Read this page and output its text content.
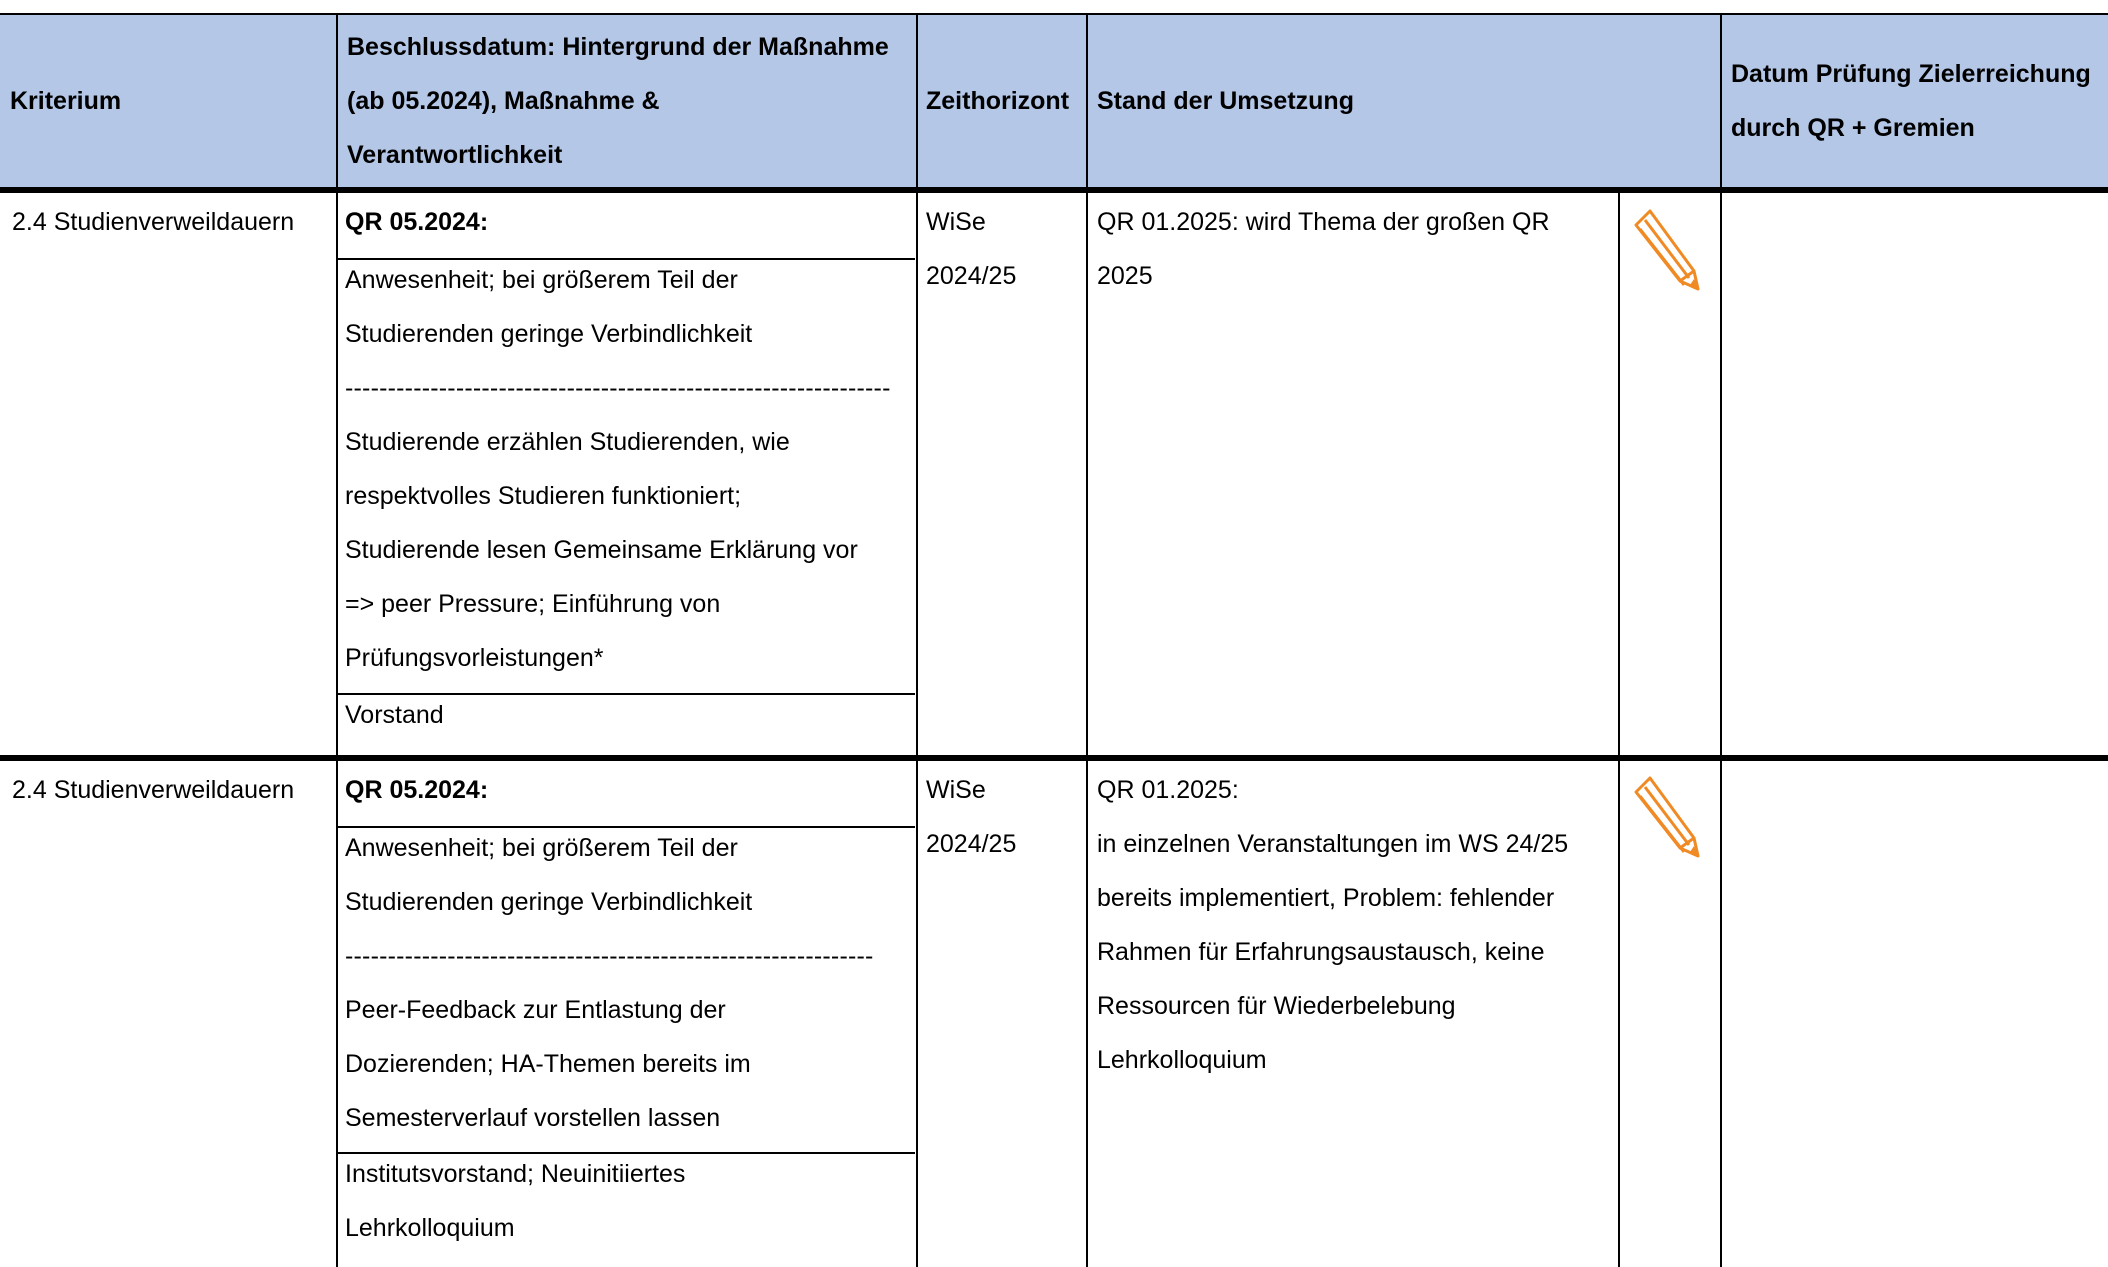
Kriterium
Beschlussdatum: Hintergrund der Maßnahme
(ab 05.2024), Maßnahme &
Verantwortlichkeit
Zeithorizont Stand der Umsetzung
Datum Prüfung Zielerreichung
durch QR + Gremien
2.4 Studienverweildauern QR 05.2024:
Anwesenheit; bei größerem Teil der
Studierenden geringe Verbindlichkeit
----------------------------------------------------------------
Studierende erzählen Studierenden, wie
respektvolles Studieren funktioniert;
Studierende lesen Gemeinsame Erklärung vor
=> peer Pressure; Einführung von
Prüfungsvorleistungen*
Vorstand
WiSe
2024/25
QR 01.2025: wird Thema der großen QR
2025
2.4 Studienverweildauern QR 05.2024:
Anwesenheit; bei größerem Teil der
Studierenden geringe Verbindlichkeit
--------------------------------------------------------------
Peer-Feedback zur Entlastung der
Dozierenden; HA-Themen bereits im
Semesterverlauf vorstellen lassen
Institutsvorstand; Neuinitiiertes
Lehrkolloquium
WiSe
2024/25
QR 01.2025:
in einzelnen Veranstaltungen im WS 24/25
bereits implementiert, Problem: fehlender
Rahmen für Erfahrungsaustausch, keine
Ressourcen für Wiederbelebung
Lehrkolloquium
